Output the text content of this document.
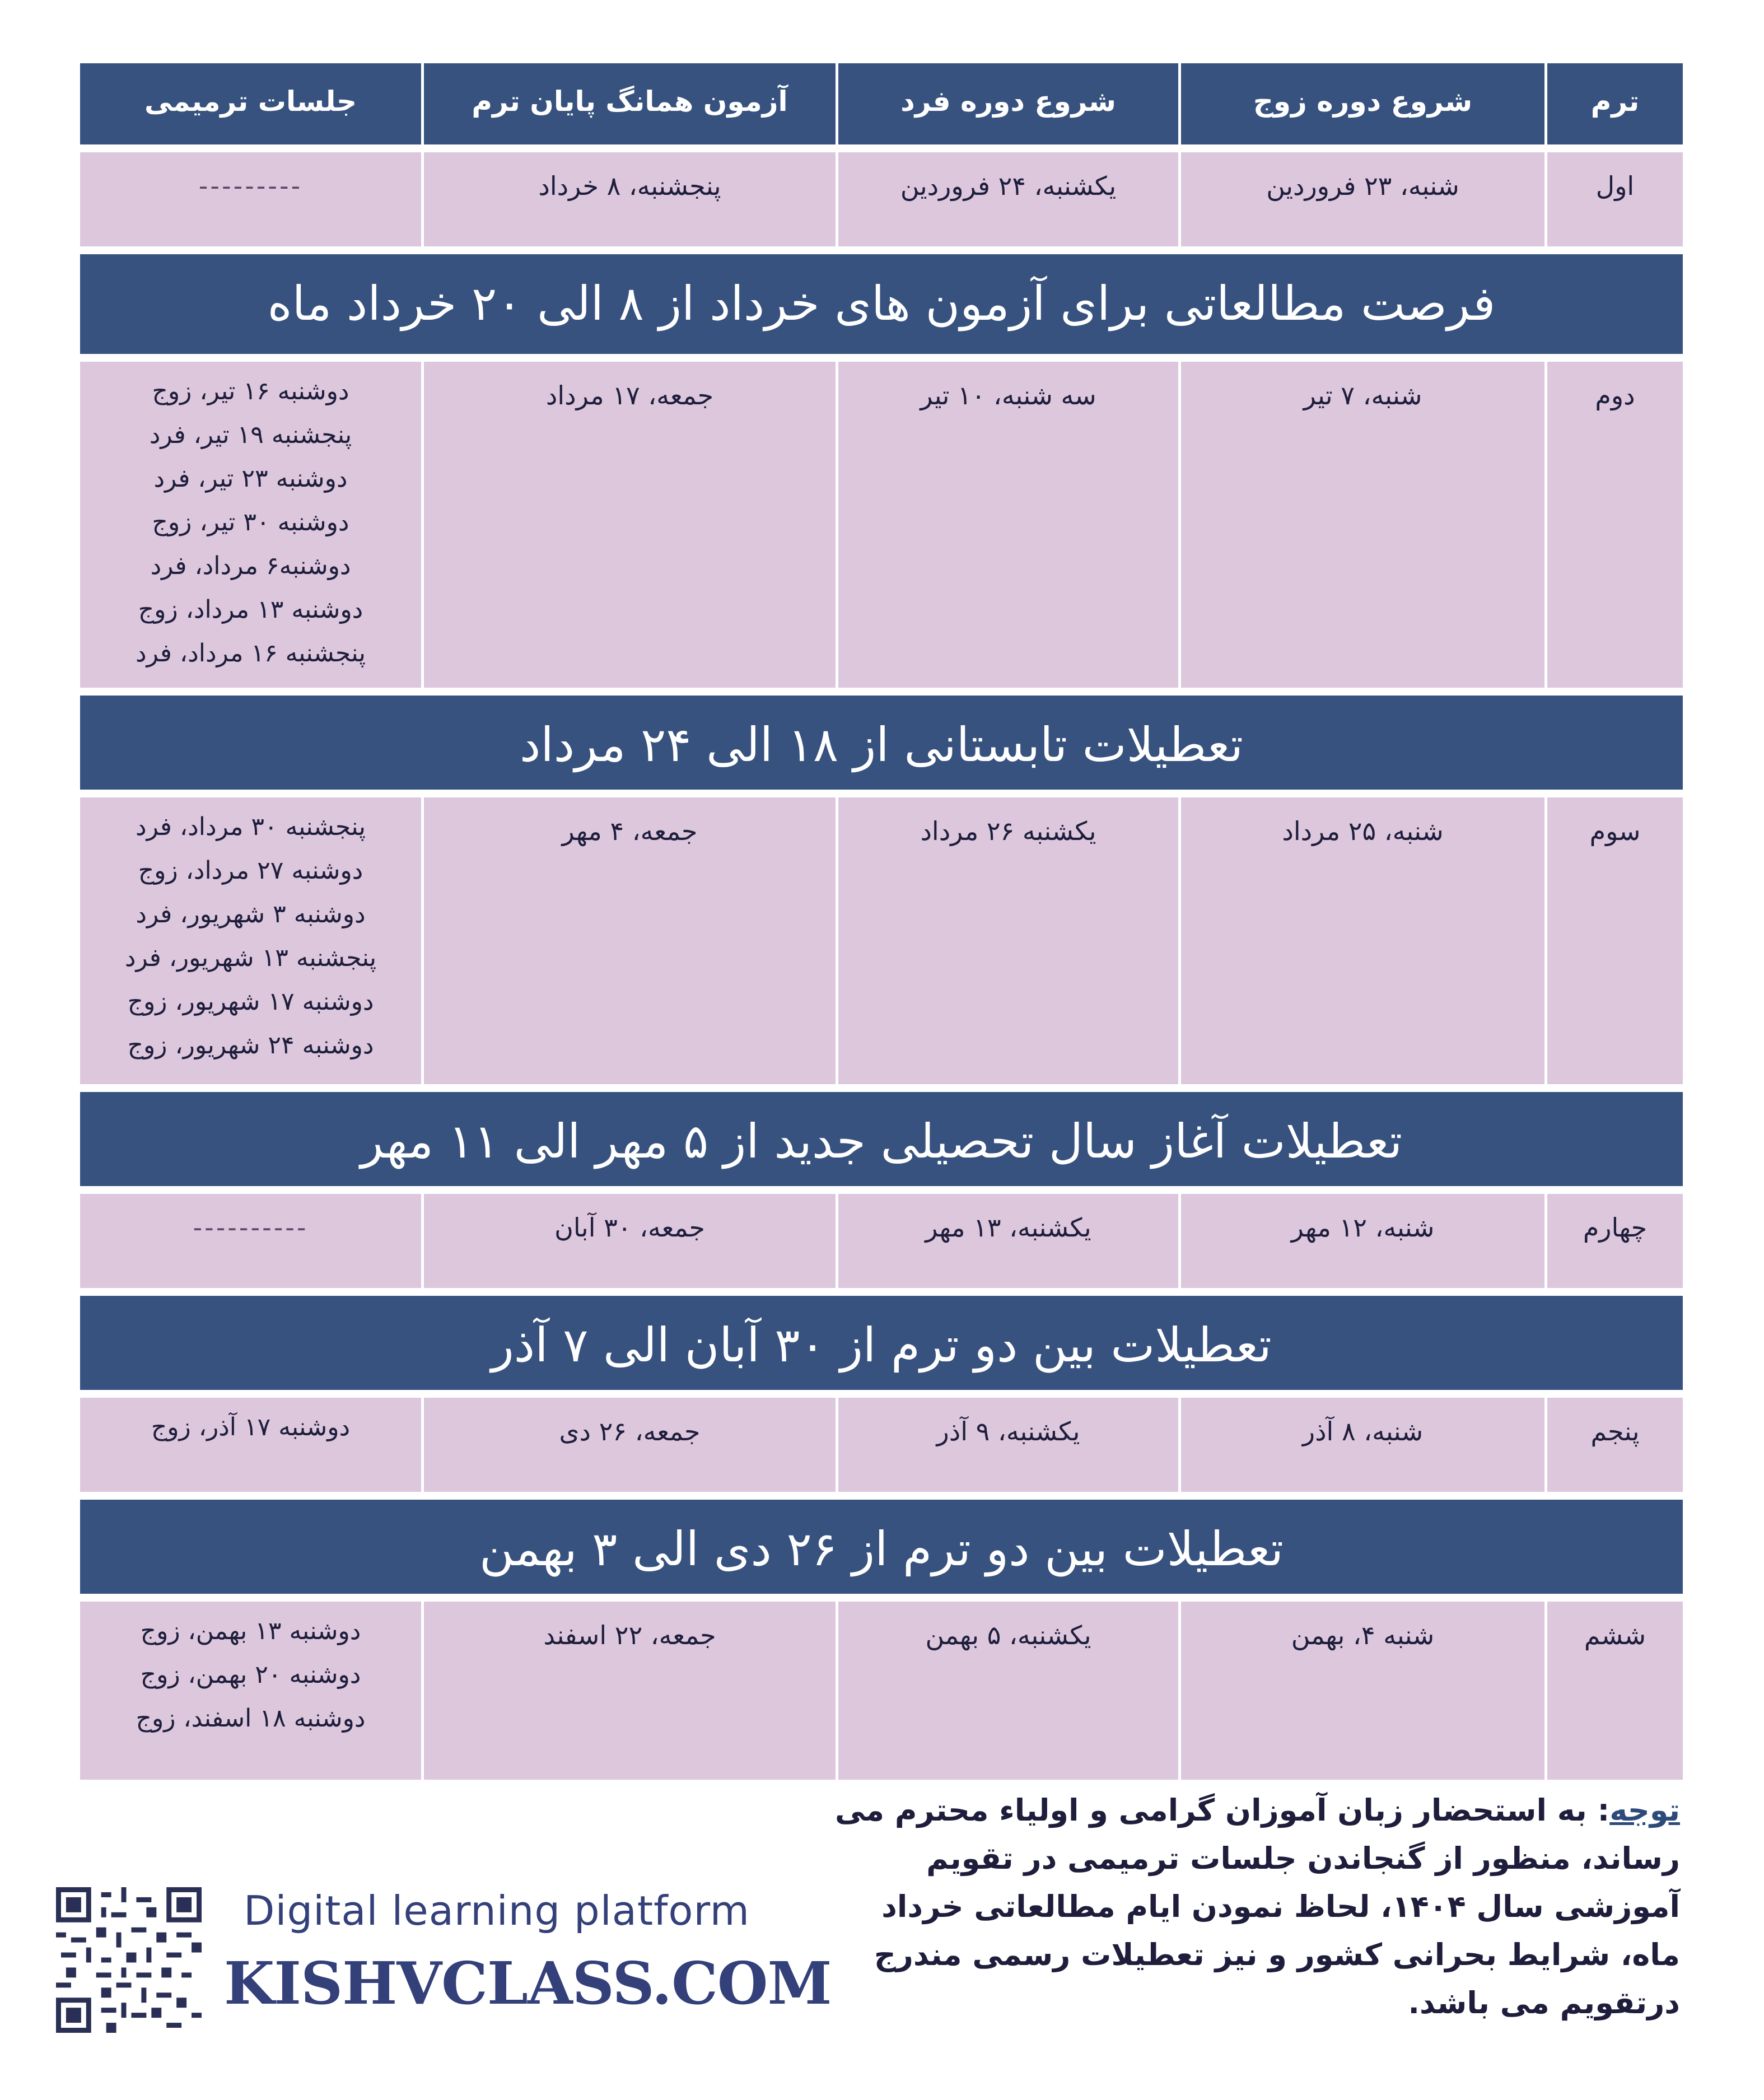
ترم
شروع دوره زوج
شروع دوره فرد
آزمون همانگ پایان ترم
جلسات ترمیمی
اول
شنبه، ۲۳ فروردین
یکشنبه، ۲۴ فروردین
پنجشنبه، ۸ خرداد
---------
فرصت مطالعاتی برای آزمون های خرداد از ۸ الی ۲۰ خرداد ماه
دوم
شنبه، ۷ تیر
سه شنبه، ۱۰ تیر
جمعه، ۱۷ مرداد
دوشنبه ۱۶ تیر، زوج
پنجشنبه ۱۹ تیر، فرد
دوشنبه ۲۳ تیر، فرد
دوشنبه ۳۰ تیر، زوج
دوشنبه۶ مرداد، فرد
دوشنبه ۱۳ مرداد، زوج
پنجشنبه ۱۶ مرداد، فرد
تعطیلات تابستانی از ۱۸ الی ۲۴ مرداد
سوم
شنبه، ۲۵ مرداد
یکشنبه ۲۶ مرداد
جمعه، ۴ مهر
پنجشنبه ۳۰ مرداد، فرد
دوشنبه ۲۷ مرداد، زوج
دوشنبه ۳ شهریور، فرد
پنجشنبه ۱۳ شهریور، فرد
دوشنبه ۱۷ شهریور، زوج
دوشنبه ۲۴ شهریور، زوج
تعطیلات آغاز سال تحصیلی جدید از ۵ مهر الی ۱۱ مهر
چهارم
شنبه، ۱۲ مهر
یکشنبه، ۱۳ مهر
جمعه، ۳۰ آبان
----------
تعطیلات بین دو ترم از ۳۰ آبان الی ۷ آذر
پنجم
شنبه، ۸ آذر
یکشنبه، ۹ آذر
جمعه، ۲۶ دی
دوشنبه ۱۷ آذر، زوج
تعطیلات بین دو ترم از ۲۶ دی الی ۳ بهمن
ششم
شنبه ۴، بهمن
یکشنبه، ۵ بهمن
جمعه، ۲۲ اسفند
دوشنبه ۱۳ بهمن، زوج
دوشنبه ۲۰ بهمن، زوج
دوشنبه ۱۸ اسفند، زوج
توجه: به استحضار زبان آموزان گرامی و اولیاء محترم می رساند، منظور از گنجاندن جلسات ترمیمی در تقویم آموزشی سال ۱۴۰۴، لحاظ نمودن ایام مطالعاتی خرداد ماه، شرایط بحرانی کشور و نیز تعطیلات رسمی مندرج درتقویم می باشد.
Digital learning platform
KISHVCLASS.COM
